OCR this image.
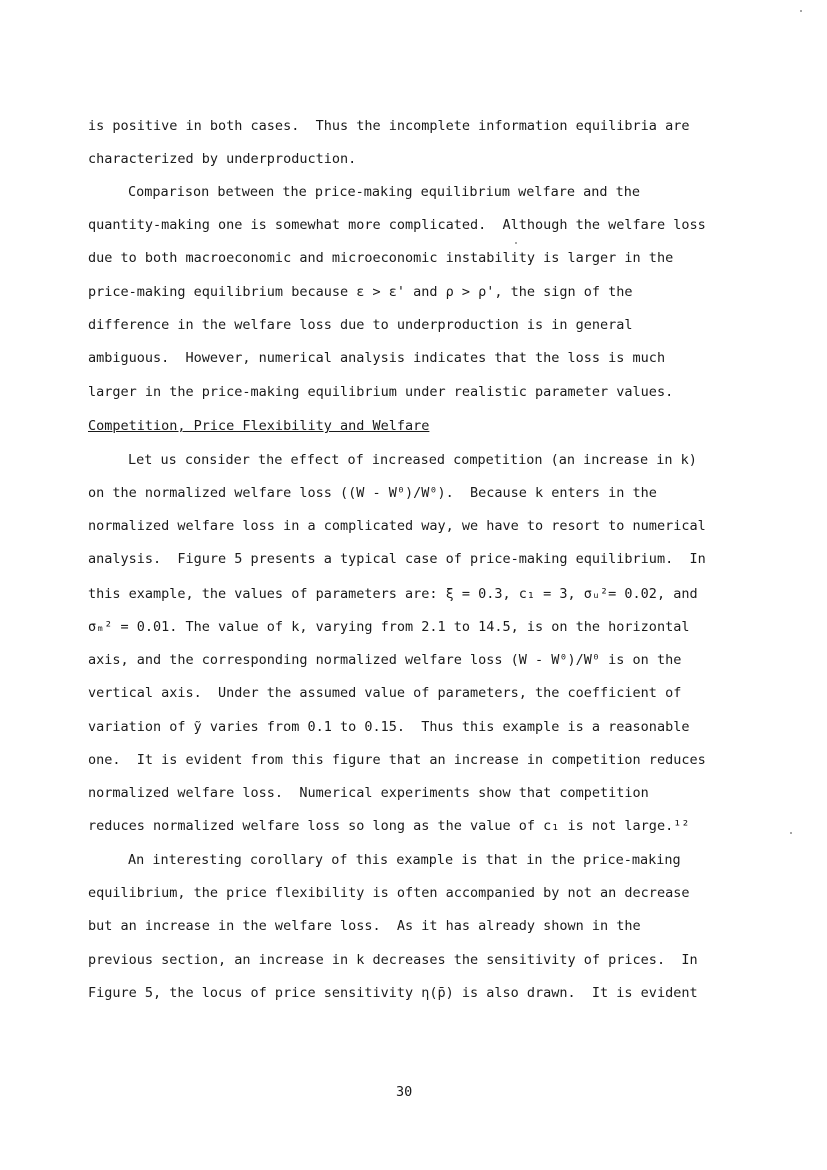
is positive in both cases.  Thus the incomplete information equilibria are
characterized by underproduction.
Comparison between the price-making equilibrium welfare and the
quantity-making one is somewhat more complicated.  Although the welfare loss
due to both macroeconomic and microeconomic instability is larger in the
price-making equilibrium because ε > ε' and ρ > ρ', the sign of the
difference in the welfare loss due to underproduction is in general
ambiguous.  However, numerical analysis indicates that the loss is much
larger in the price-making equilibrium under realistic parameter values.
Competition, Price Flexibility and Welfare
Let us consider the effect of increased competition (an increase in k)
on the normalized welfare loss ((W - W⁰)/W⁰).  Because k enters in the
normalized welfare loss in a complicated way, we have to resort to numerical
analysis.  Figure 5 presents a typical case of price-making equilibrium.  In
this example, the values of parameters are: ξ = 0.3, c₁ = 3, σᵤ²= 0.02, and
σₘ² = 0.01. The value of k, varying from 2.1 to 14.5, is on the horizontal
axis, and the corresponding normalized welfare loss (W - W⁰)/W⁰ is on the
vertical axis.  Under the assumed value of parameters, the coefficient of
variation of ỹ varies from 0.1 to 0.15.  Thus this example is a reasonable
one.  It is evident from this figure that an increase in competition reduces
normalized welfare loss.  Numerical experiments show that competition
reduces normalized welfare loss so long as the value of c₁ is not large.¹²
An interesting corollary of this example is that in the price-making
equilibrium, the price flexibility is often accompanied by not an decrease
but an increase in the welfare loss.  As it has already shown in the
previous section, an increase in k decreases the sensitivity of prices.  In
Figure 5, the locus of price sensitivity η(p̄) is also drawn.  It is evident
30
